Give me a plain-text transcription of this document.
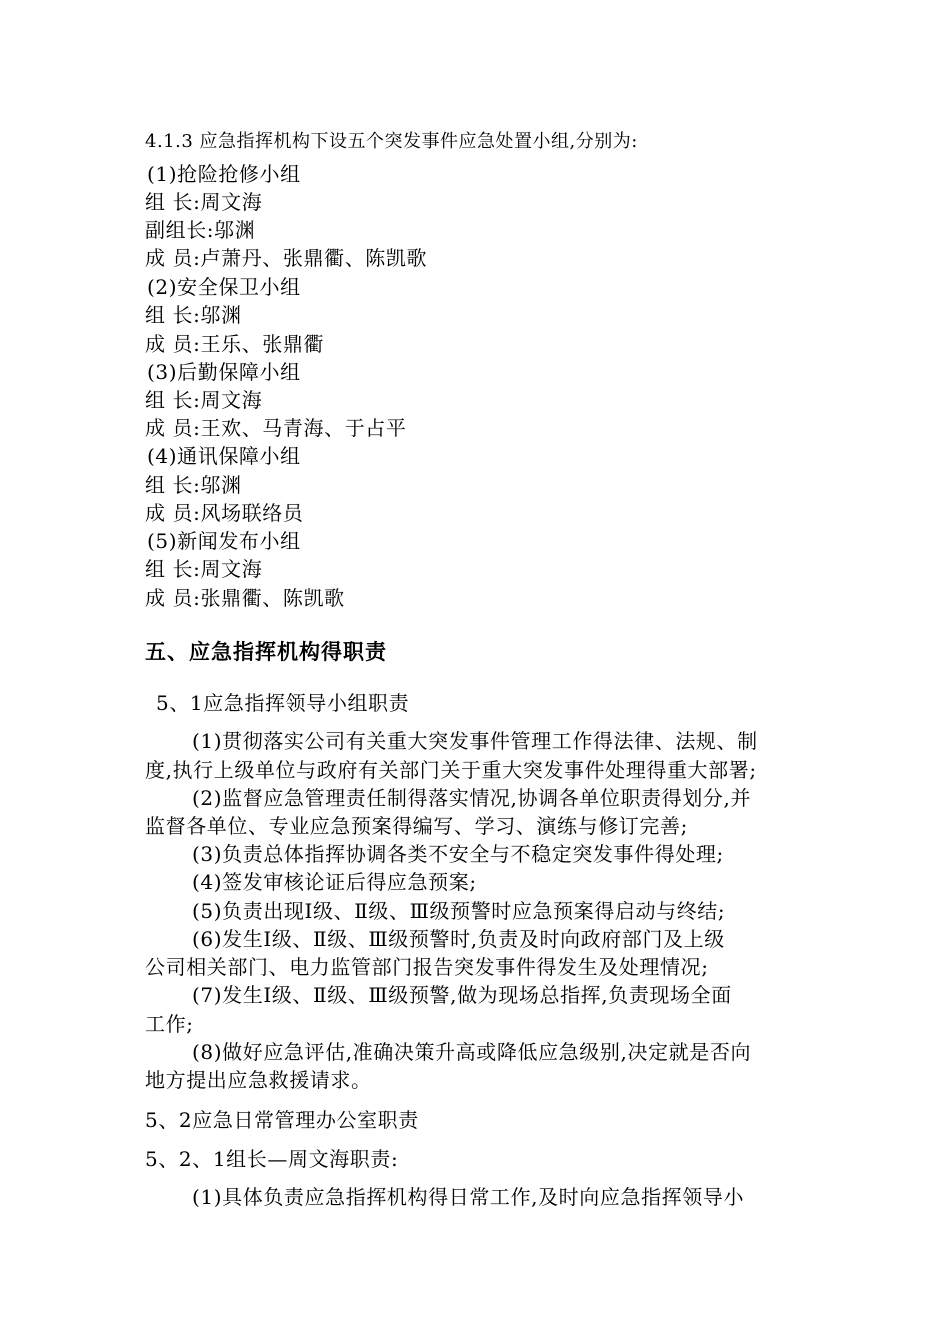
4.1.3 应急指挥机构下设五个突发事件应急处置小组,分别为:
(1)抢险抢修小组
组 长:周文海
副组长:邬渊
成 员:卢萧丹、张鼎衢、陈凯歌
(2)安全保卫小组
组 长:邬渊
成 员:王乐、张鼎衢
(3)后勤保障小组
组 长:周文海
成 员:王欢、马青海、于占平
(4)通讯保障小组
组 长:邬渊
成 员:风场联络员
(5)新闻发布小组
组 长:周文海
成 员:张鼎衢、陈凯歌
五、应急指挥机构得职责
5、1应急指挥领导小组职责
(1)贯彻落实公司有关重大突发事件管理工作得法律、法规、制
度,执行上级单位与政府有关部门关于重大突发事件处理得重大部署;
(2)监督应急管理责任制得落实情况,协调各单位职责得划分,并
监督各单位、专业应急预案得编写、学习、演练与修订完善;
(3)负责总体指挥协调各类不安全与不稳定突发事件得处理;
(4)签发审核论证后得应急预案;
(5)负责出现Ⅰ级、Ⅱ级、Ⅲ级预警时应急预案得启动与终结;
(6)发生Ⅰ级、Ⅱ级、Ⅲ级预警时,负责及时向政府部门及上级
公司相关部门、电力监管部门报告突发事件得发生及处理情况;
(7)发生Ⅰ级、Ⅱ级、Ⅲ级预警,做为现场总指挥,负责现场全面
工作;
(8)做好应急评估,准确决策升高或降低应急级别,决定就是否向
地方提出应急救援请求。
5、2应急日常管理办公室职责
5、2、1组长—周文海职责:
(1)具体负责应急指挥机构得日常工作,及时向应急指挥领导小
